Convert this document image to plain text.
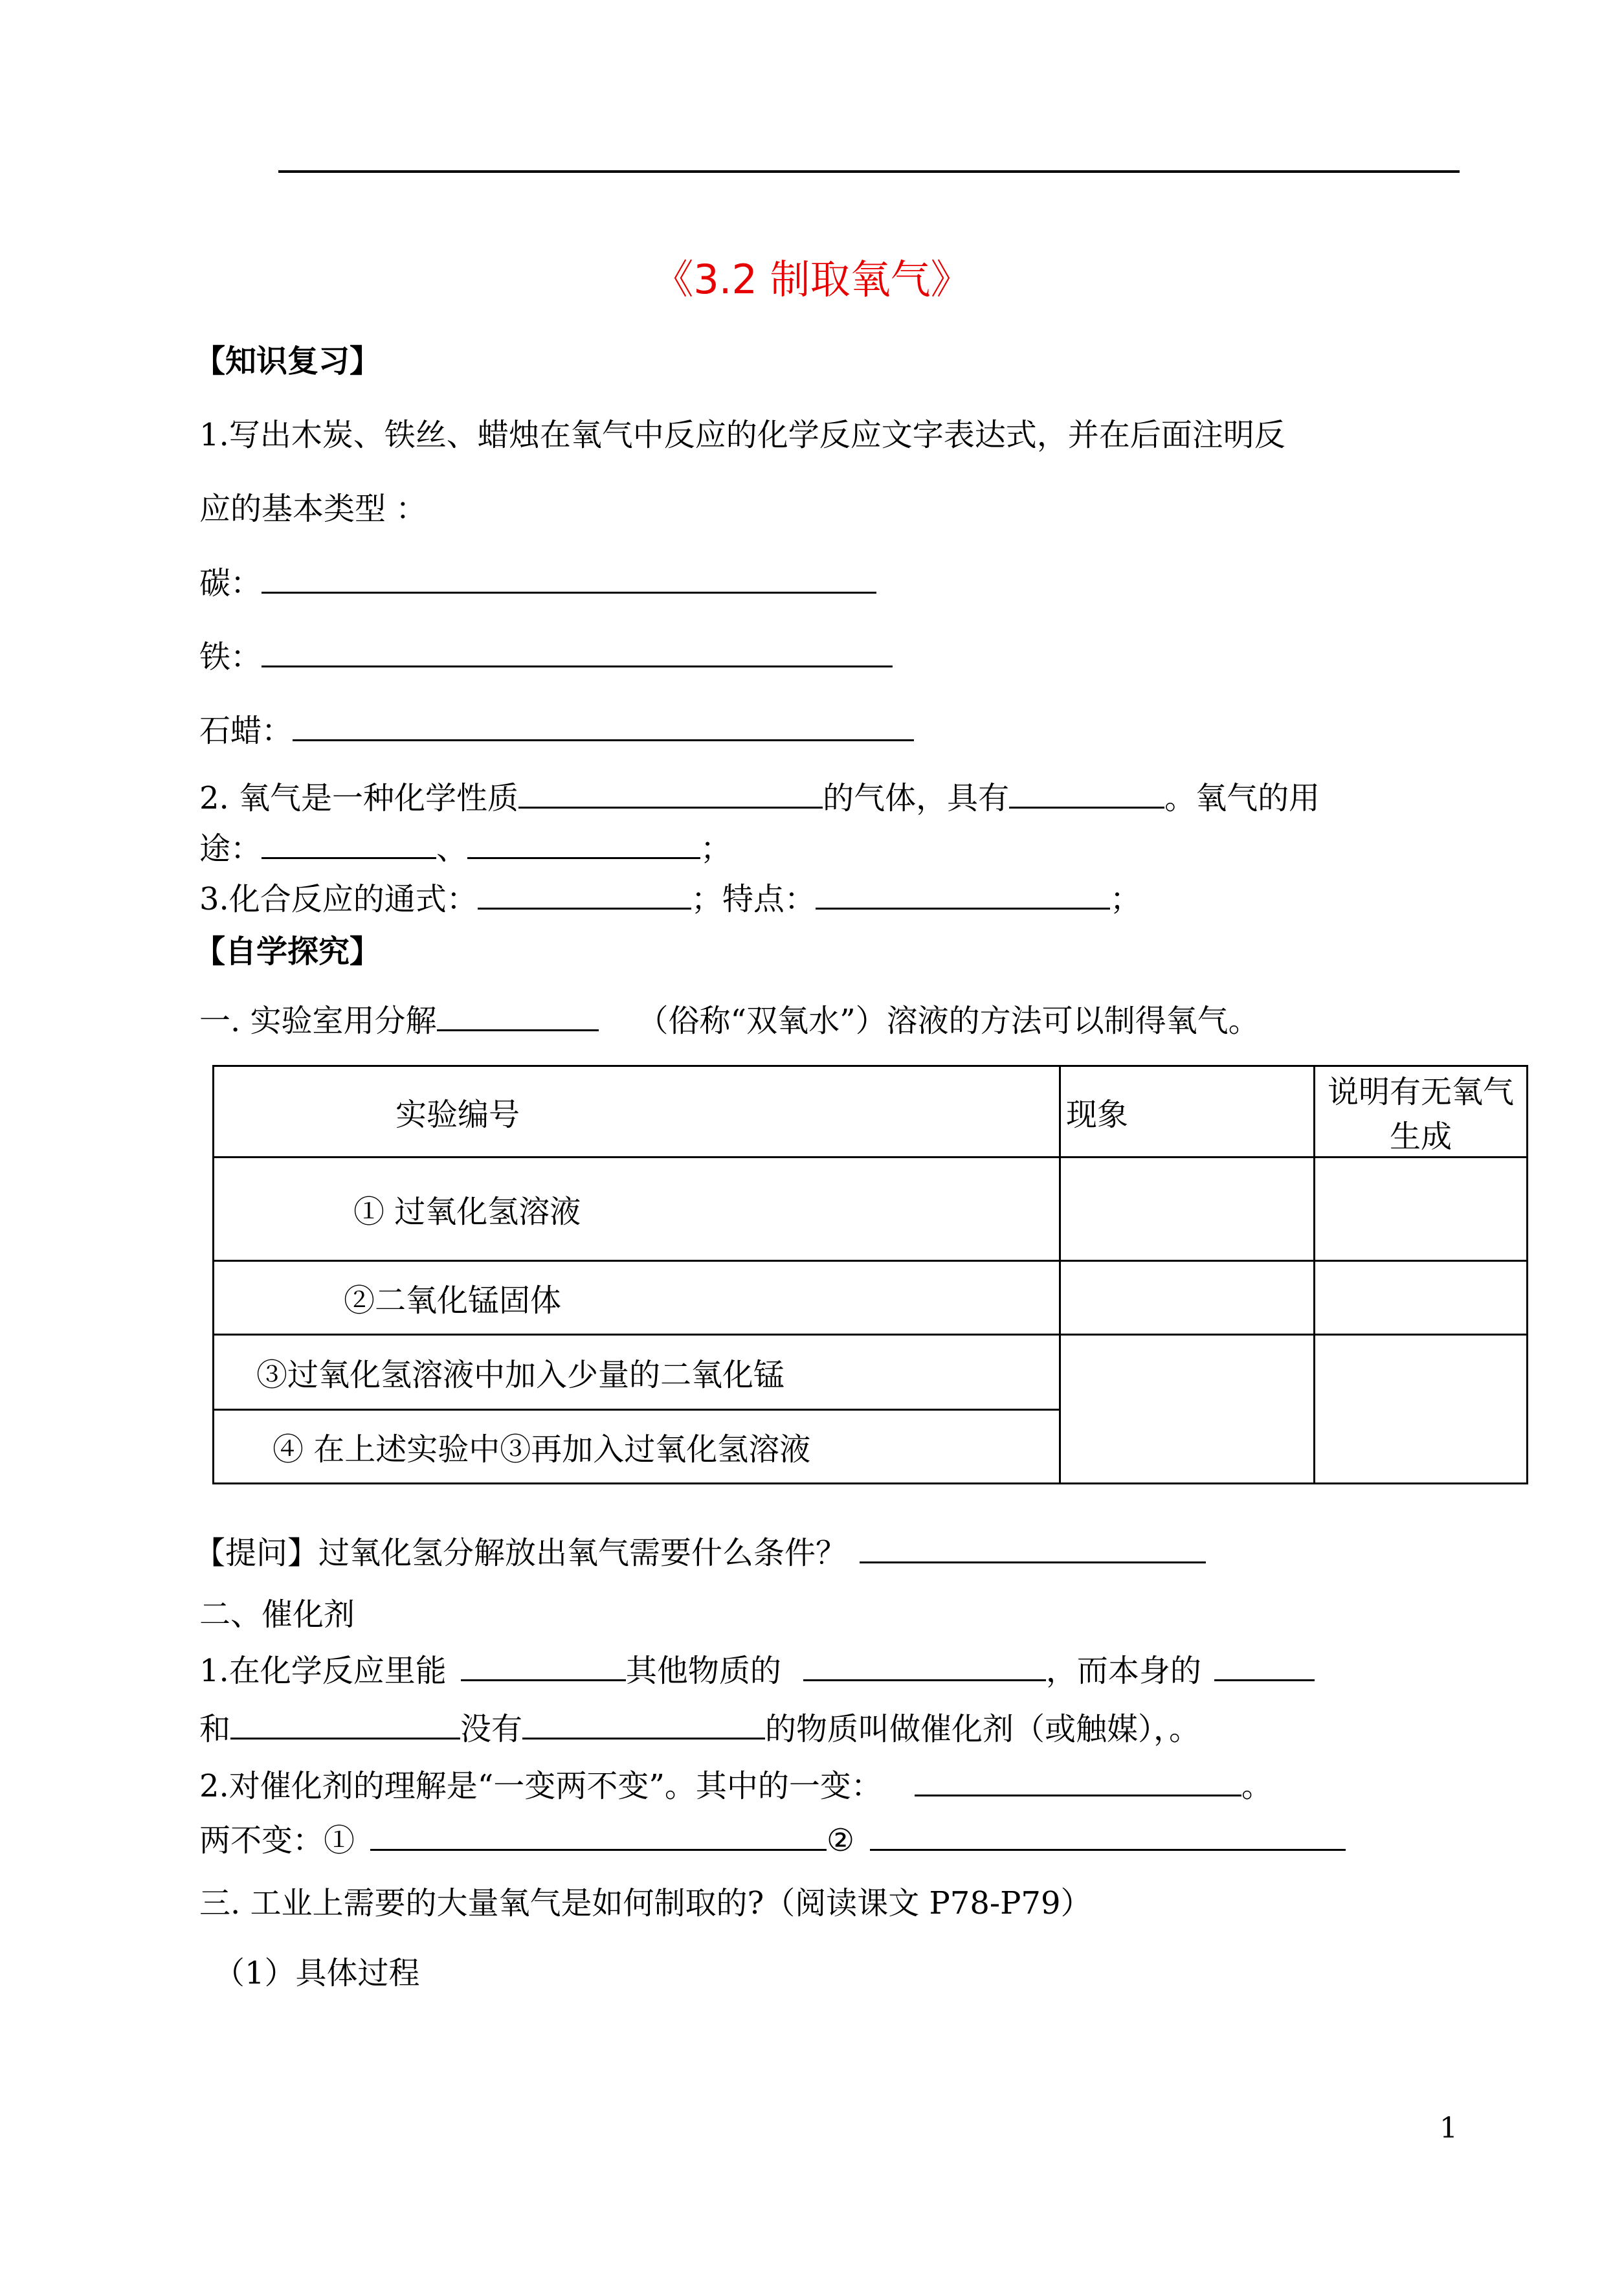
《3.2 制取氧气》
【知识复习】
1.写出木炭、铁丝、蜡烛在氧气中反应的化学反应文字表达式，并在后面注明反
应的基本类型 ：
碳：
铁：
石蜡：
2. 氧气是一种化学性质	的气体，具有	。氧气的用
途：	、	；
3.化合反应的通式：	；特点：	；
【自学探究】
一. 实验室用分解	（俗称“双氧水”）溶液的方法可以制得氧气。
实验编号	现象	说明有无氧气生成
① 过氧化氢溶液		
②二氧化锰固体		
③过氧化氢溶液中加入少量的二氧化锰		
④ 在上述实验中③再加入过氧化氢溶液		
【提问】过氧化氢分解放出氧气需要什么条件？
二、催化剂
1.在化学反应里能	其他物质的	，而本身的
和	没有	的物质叫做催化剂（或触媒），。
2.对催化剂的理解是“一变两不变”。其中的一变：	。
两不变：①	②
三. 工业上需要的大量氧气是如何制取的?（阅读课文 P78-P79）
（1）具体过程
1
